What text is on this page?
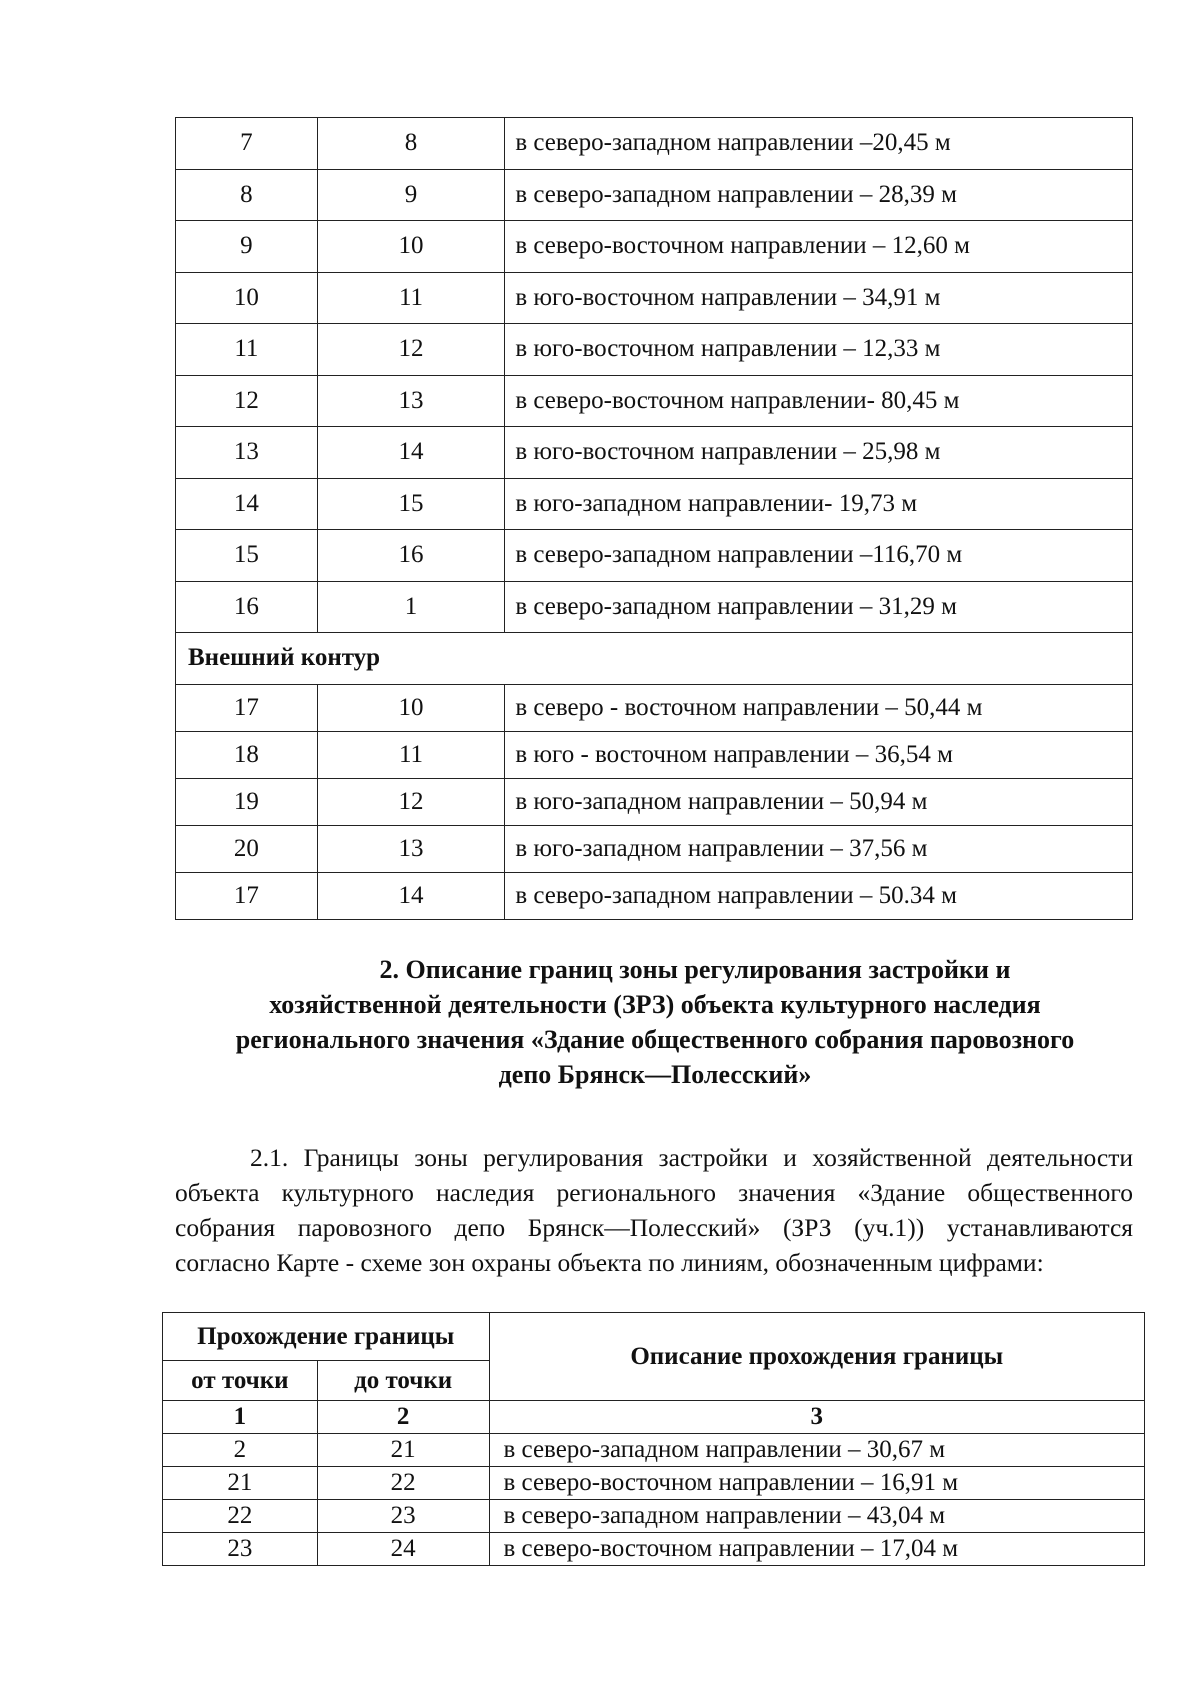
7	8	в северо-западном направлении –20,45 м
8	9	в северо-западном направлении – 28,39 м
9	10	в северо-восточном направлении – 12,60 м
10	11	в юго-восточном направлении – 34,91 м
11	12	в юго-восточном направлении – 12,33 м
12	13	в северо-восточном направлении- 80,45 м
13	14	в юго-восточном направлении – 25,98 м
14	15	в юго-западном направлении- 19,73 м
15	16	в северо-западном направлении –116,70 м
16	1	в северо-западном направлении – 31,29 м
Внешний контур		
17	10	в северо - восточном направлении – 50,44 м
18	11	в юго - восточном направлении – 36,54 м
19	12	в юго-западном направлении – 50,94 м
20	13	в юго-западном направлении – 37,56 м
17	14	в северо-западном направлении – 50.34 м
2. Описание границ зоны регулирования застройки и
хозяйственной деятельности (ЗРЗ) объекта культурного наследия
регионального значения «Здание общественного собрания паровозного
депо Брянск—Полесский»

2.1. Границы зоны регулирования застройки и хозяйственной деятельности объекта культурного наследия регионального значения «Здание общественного собрания паровозного депо Брянск—Полесский» (ЗРЗ (уч.1)) устанавливаются согласно Карте - схеме зон охраны объекта по линиям, обозначенным цифрами:

Прохождение границы		Описание прохождения границы
от точки	до точки	
1	2	3
2	21	в северо-западном направлении – 30,67 м
21	22	в северо-восточном направлении – 16,91 м
22	23	в северо-западном направлении – 43,04 м
23	24	в северо-восточном направлении – 17,04 м
